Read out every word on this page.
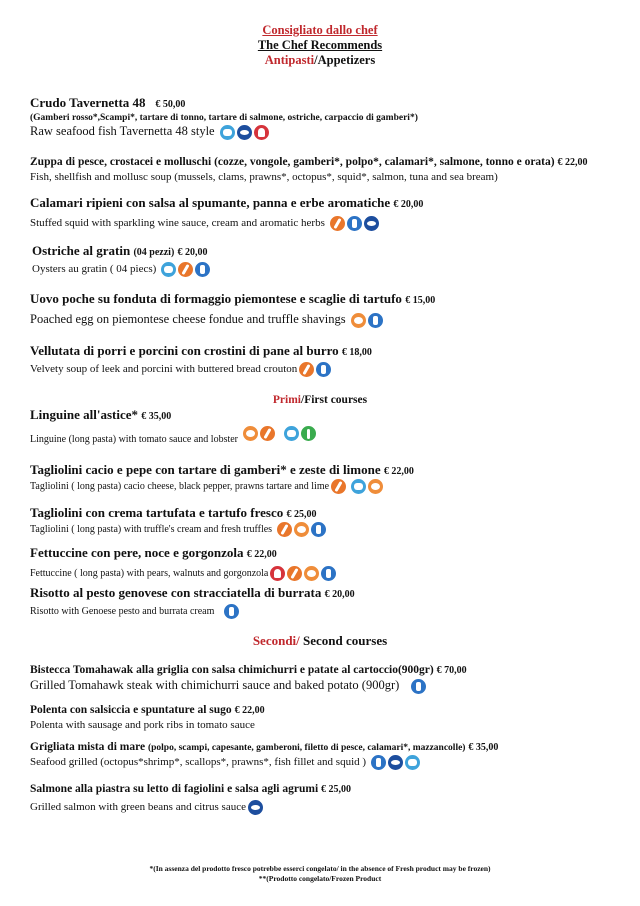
Consigliato dallo chef
The Chef Recommends
Antipasti/Appetizers
Crudo Tavernetta 48 € 50,00
(Gamberi rosso*,Scampi*, tartare di tonno, tartare di salmone, ostriche, carpaccio di gamberi*)
Raw seafood fish Tavernetta 48 style
Zuppa di pesce, crostacei e molluschi (cozze, vongole, gamberi*, polpo*, calamari*, salmone, tonno e orata) € 22,00
Fish, shellfish and mollusc soup (mussels, clams, prawns*, octopus*, squid*, salmon, tuna and sea bream)
Calamari ripieni con salsa al spumante, panna e erbe aromatiche € 20,00
Stuffed squid with sparkling wine sauce, cream and aromatic herbs
Ostriche al gratin (04 pezzi) € 20,00
Oysters au gratin ( 04 piecs)
Uovo poche su fonduta di formaggio piemontese e scaglie di tartufo € 15,00
Poached egg on piemontese cheese fondue and truffle shavings
Vellutata di porri e porcini con crostini di pane al burro € 18,00
Velvety soup of leek and porcini with buttered bread crouton
Primi/First courses
Linguine all'astice* € 35,00
Linguine (long pasta) with tomato sauce and lobster
Tagliolini cacio e pepe con tartare di gamberi* e zeste di limone € 22,00
Tagliolini ( long pasta) cacio cheese, black pepper, prawns tartare and lime
Tagliolini con crema tartufata e tartufo fresco € 25,00
Tagliolini ( long pasta) with truffle's cream and fresh truffles
Fettuccine con pere, noce e gorgonzola € 22,00
Fettuccine ( long pasta) with pears, walnuts and gorgonzola
Risotto al pesto genovese con stracciatella di burrata € 20,00
Risotto with Genoese pesto and burrata cream
Secondi/ Second courses
Bistecca Tomahawak alla griglia con salsa chimichurri e patate al cartoccio(900gr) € 70,00
Grilled Tomahawk steak with chimichurri sauce and baked potato (900gr)
Polenta con salsiccia e spuntature al sugo € 22,00
Polenta with sausage and pork ribs in tomato sauce
Grigliata mista di mare (polpo, scampi, capesante, gamberoni, filetto di pesce, calamari*, mazzancolle) € 35,00
Seafood grilled (octopus*shrimp*, scallops*, prawns*, fish fillet and squid )
Salmone alla piastra su letto di fagiolini e salsa agli agrumi € 25,00
Grilled salmon with green beans and citrus sauce
*(In assenza del prodotto fresco potrebbe esserci congelato/ in the absence of Fresh product may be frozen)
**(Prodotto congelato/Frozen Product
